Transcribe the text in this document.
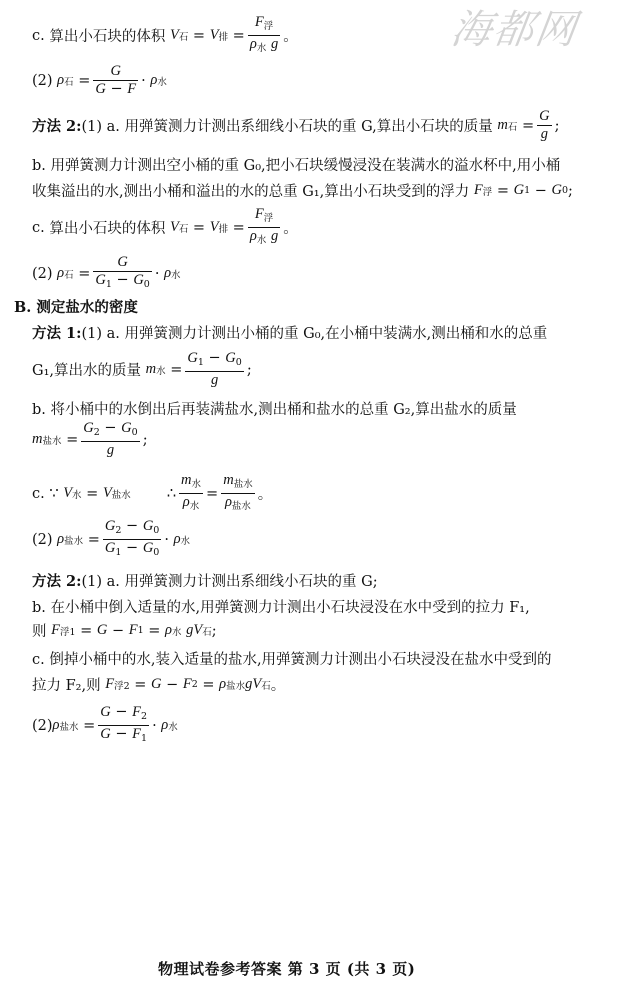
海都网
c.
算出小石块的体积
V 石 = V 排 = $\frac{F_浮}{\rho_水 g}$ 。
(2)
ρ 石 = $\frac{G}{G - F} \cdot \rho$ 水
方法 2: (1) a. 用弹簧测力计测出系细线小石块的重 G,算出小石块的质量
m 石 = $\frac{G}{g}$ ;
b. 用弹簧测力计测出空小桶的重 G₀,把小石块缓慢浸没在装满水的溢水杯中,用小桶
收集溢出的水,测出小桶和溢出的水的总重 G₁,算出小石块受到的浮力
F 浮 = G 1 − G 0 ;
c.
算出小石块的体积
V 石 = V 排 = $\frac{F_浮}{\rho_水 g}$ 。
(2)
ρ 石 = $\frac{G}{G_1 - G_0} \cdot \rho$ 水
B. 测定盐水的密度
方法 1:(1) a. 用弹簧测力计测出小桶的重 G₀,在小桶中装满水,测出桶和水的总重
G₁,算出水的质量
m 水 = $\frac{G_1 - G_0}{g}$ ;
b. 将小桶中的水倒出后再装满盐水,测出桶和盐水的总重 G₂,算出盐水的质量
m 盐水 = $\frac{G_2 - G_0}{g}$ ;
c. ∵
V 水 = V 盐水 ∴ $\frac{m_水}{\rho_水} = \frac{m_{盐水}}{\rho_{盐水}}$ 。
(2)
ρ 盐水 = $\frac{G_2 - G_0}{G_1 - G_0} \cdot \rho$ 水
方法 2:(1) a. 用弹簧测力计测出系细线小石块的重 G;
b. 在小桶中倒入适量的水,用弹簧测力计测出小石块浸没在水中受到的拉力 F₁,
则
F 浮1 = G − F 1 = ρ 水
g V 石 ;
c. 倒掉小桶中的水,装入适量的盐水,用弹簧测力计测出小石块浸没在盐水中受到的
拉力 F₂,则
F 浮2 = G − F 2 = ρ 盐水 g V 石 。
(2) ρ 盐水 = $\frac{G - F_2}{G - F_1} \cdot \rho$ 水
物理试卷参考答案 第 3 页 (共 3 页)
